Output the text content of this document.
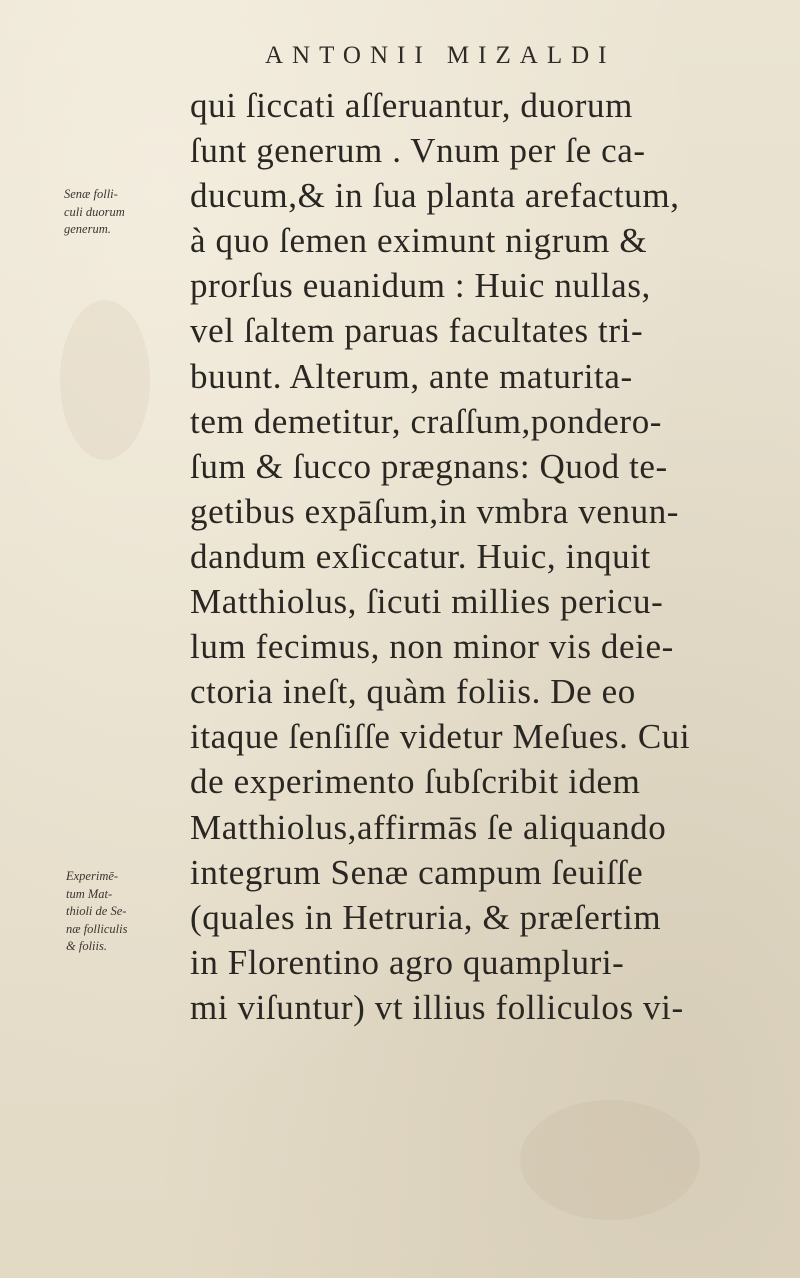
ANTONII MIZALDI
Senæ folli-
culi duorum
generum.
Experimē-
tum Mat-
thioli de Se-
næ folliculis
& foliis.
qui ſiccati aſſeruantur, duorum
ſunt generum . Vnum per ſe ca-
ducum,& in ſua planta arefactum,
à quo ſemen eximunt nigrum &
prorſus euanidum : Huic nullas,
vel ſaltem paruas facultates tri-
buunt. Alterum, ante maturita-
tem demetitur, craſſum,pondero-
ſum & ſucco prægnans: Quod te-
getibus expāſum,in vmbra venun-
dandum exſiccatur. Huic, inquit
Matthiolus, ſicuti millies pericu-
lum fecimus, non minor vis deie-
ctoria ineſt, quàm foliis. De eo
itaque ſenſiſſe videtur Meſues. Cui
de experimento ſubſcribit idem
Matthiolus,affirmās ſe aliquando
integrum Senæ campum ſeuiſſe
(quales in Hetruria, & præſertim
in Florentino agro quampluri-
mi viſuntur) vt illius folliculos vi-
